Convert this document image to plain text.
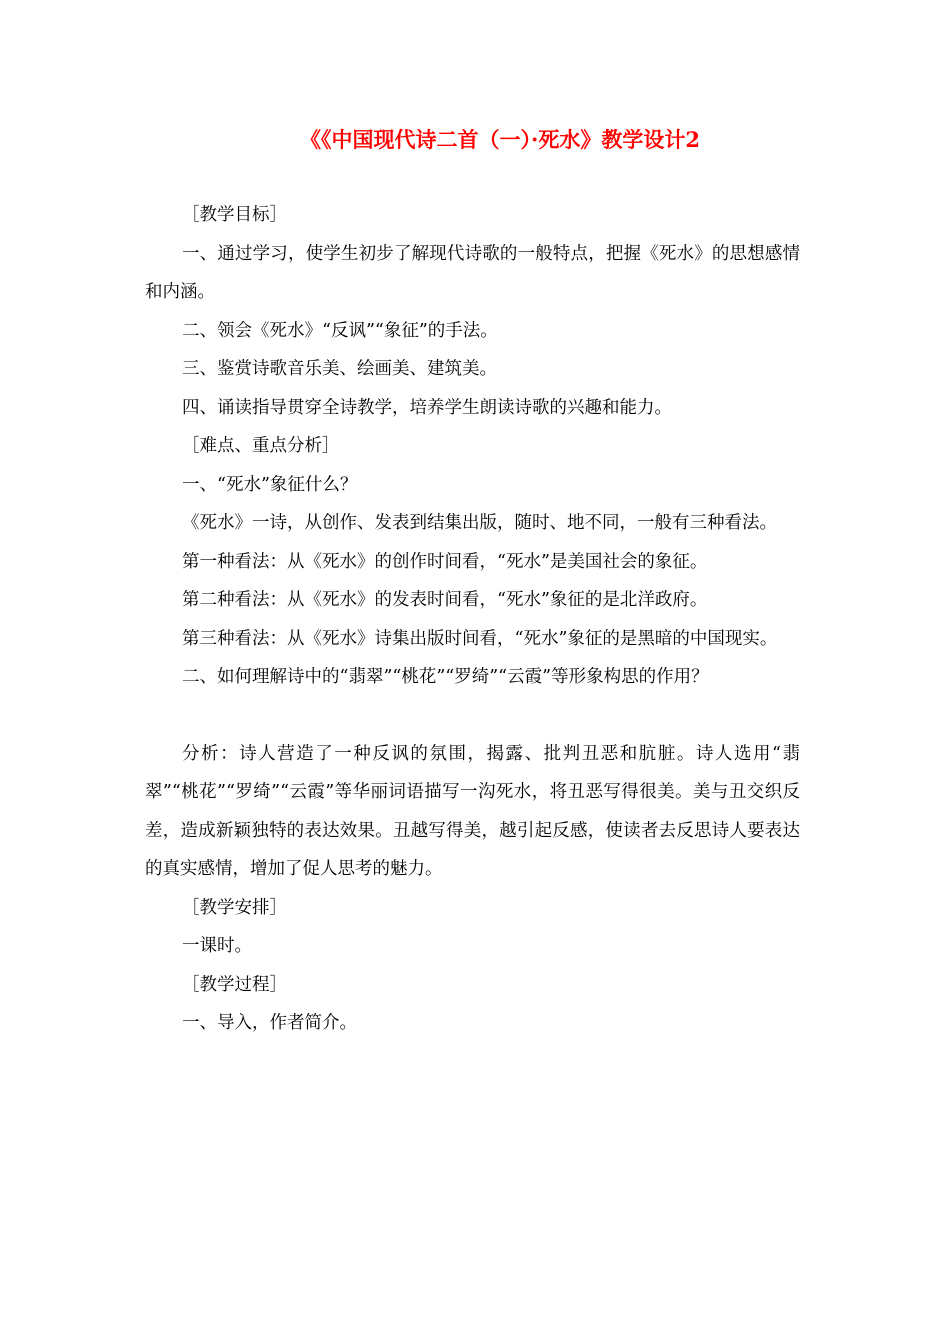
《《中国现代诗二首（一）·死水》教学设计2

［教学目标］

一、通过学习，使学生初步了解现代诗歌的一般特点，把握《死水》的思想感情和内涵。

二、领会《死水》“反讽”“象征”的手法。

三、鉴赏诗歌音乐美、绘画美、建筑美。

四、诵读指导贯穿全诗教学，培养学生朗读诗歌的兴趣和能力。

［难点、重点分析］

一、“死水”象征什么？

《死水》一诗，从创作、发表到结集出版，随时、地不同，一般有三种看法。

第一种看法：从《死水》的创作时间看，“死水”是美国社会的象征。

第二种看法：从《死水》的发表时间看，“死水”象征的是北洋政府。

第三种看法：从《死水》诗集出版时间看，“死水”象征的是黑暗的中国现实。

二、如何理解诗中的“翡翠”“桃花”“罗绮”“云霞”等形象构思的作用？

分析：诗人营造了一种反讽的氛围，揭露、批判丑恶和肮脏。诗人选用“翡翠”“桃花”“罗绮”“云霞”等华丽词语描写一沟死水，将丑恶写得很美。美与丑交织反差，造成新颖独特的表达效果。丑越写得美，越引起反感，使读者去反思诗人要表达的真实感情，增加了促人思考的魅力。

［教学安排］

一课时。

［教学过程］

一、导入，作者简介。
